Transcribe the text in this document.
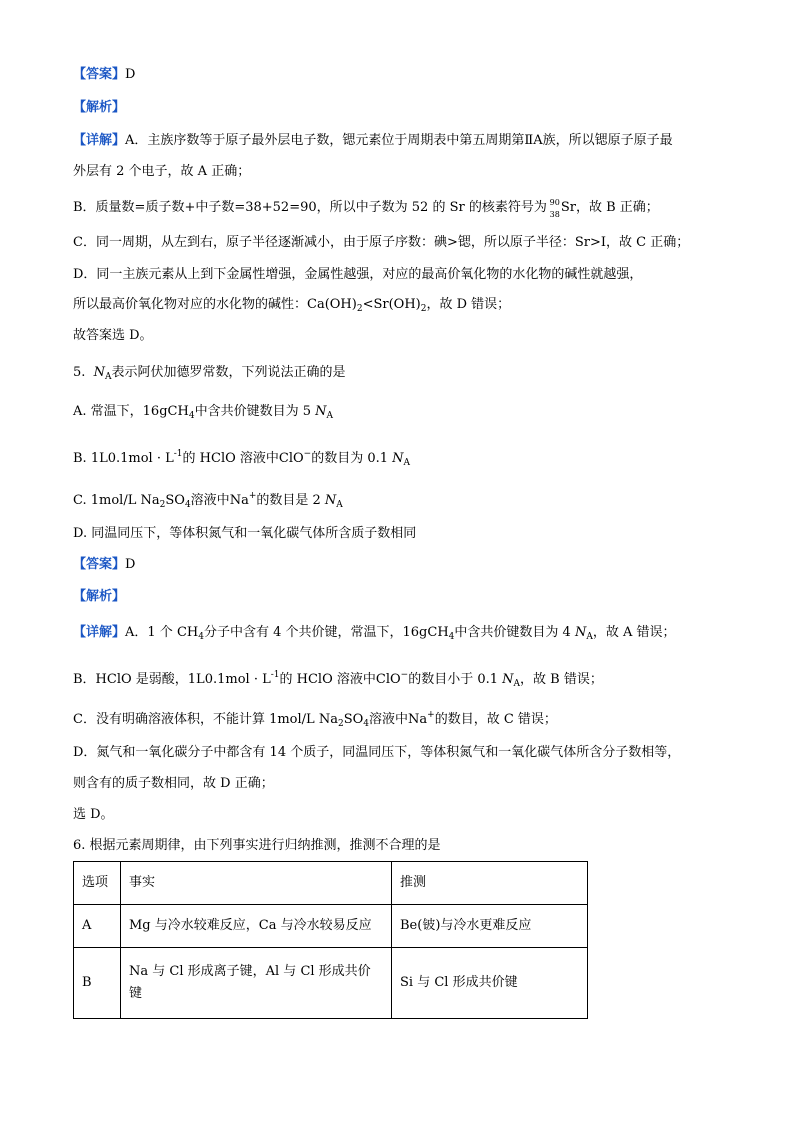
【答案】D
【解析】
【详解】A．主族序数等于原子最外层电子数，锶元素位于周期表中第五周期第ⅡA族，所以锶原子原子最
外层有 2 个电子，故 A 正确；
B．质量数=质子数+中子数=38+52=90，所以中子数为 52 的 Sr 的核素符号为 90
38 Sr，故 B 正确；
C．同一周期，从左到右，原子半径逐渐减小，由于原子序数：碘>锶，所以原子半径：Sr>I，故 C 正确；
D．同一主族元素从上到下金属性增强，金属性越强，对应的最高价氧化物的水化物的碱性就越强，
所以最高价氧化物对应的水化物的碱性：$Ca(OH)_2<Sr(OH)_2$，故 D 错误；
故答案选 D。
5. $N_A$表示阿伏加德罗常数，下列说法正确的是
A. 常温下，16gCH$_4$中含共价键数目为 5 $N_A$
B. $1L0.1mol \cdot L^{-1}$的 HClO 溶液中ClO−的数目为 0.1 $N_A$
C. 1mol/L $Na_2SO_4$溶液中Na+的数目是 2 $N_A$
D. 同温同压下，等体积氮气和一氧化碳气体所含质子数相同
【答案】D
【解析】
【详解】A．1 个 $CH_4$分子中含有 4 个共价键，常温下，16gCH$_4$中含共价键数目为 4 $N_A$，故 A 错误；
B．HClO 是弱酸，$1L0.1mol \cdot L^{-1}$的 HClO 溶液中ClO−的数目小于 0.1 $N_A$，故 B 错误；
C．没有明确溶液体积，不能计算 1mol/L $Na_2SO_4$溶液中Na+的数目，故 C 错误；
D．氮气和一氧化碳分子中都含有 14 个质子，同温同压下，等体积氮气和一氧化碳气体所含分子数相等，
则含有的质子数相同，故 D 正确；
选 D。
6. 根据元素周期律，由下列事实进行归纳推测，推测不合理的是
选项	事实	推测
A	Mg 与冷水较难反应，Ca 与冷水较易反应	Be(铍)与冷水更难反应
B	Na 与 Cl 形成离子键，Al 与 Cl 形成共价键	Si 与 Cl 形成共价键
